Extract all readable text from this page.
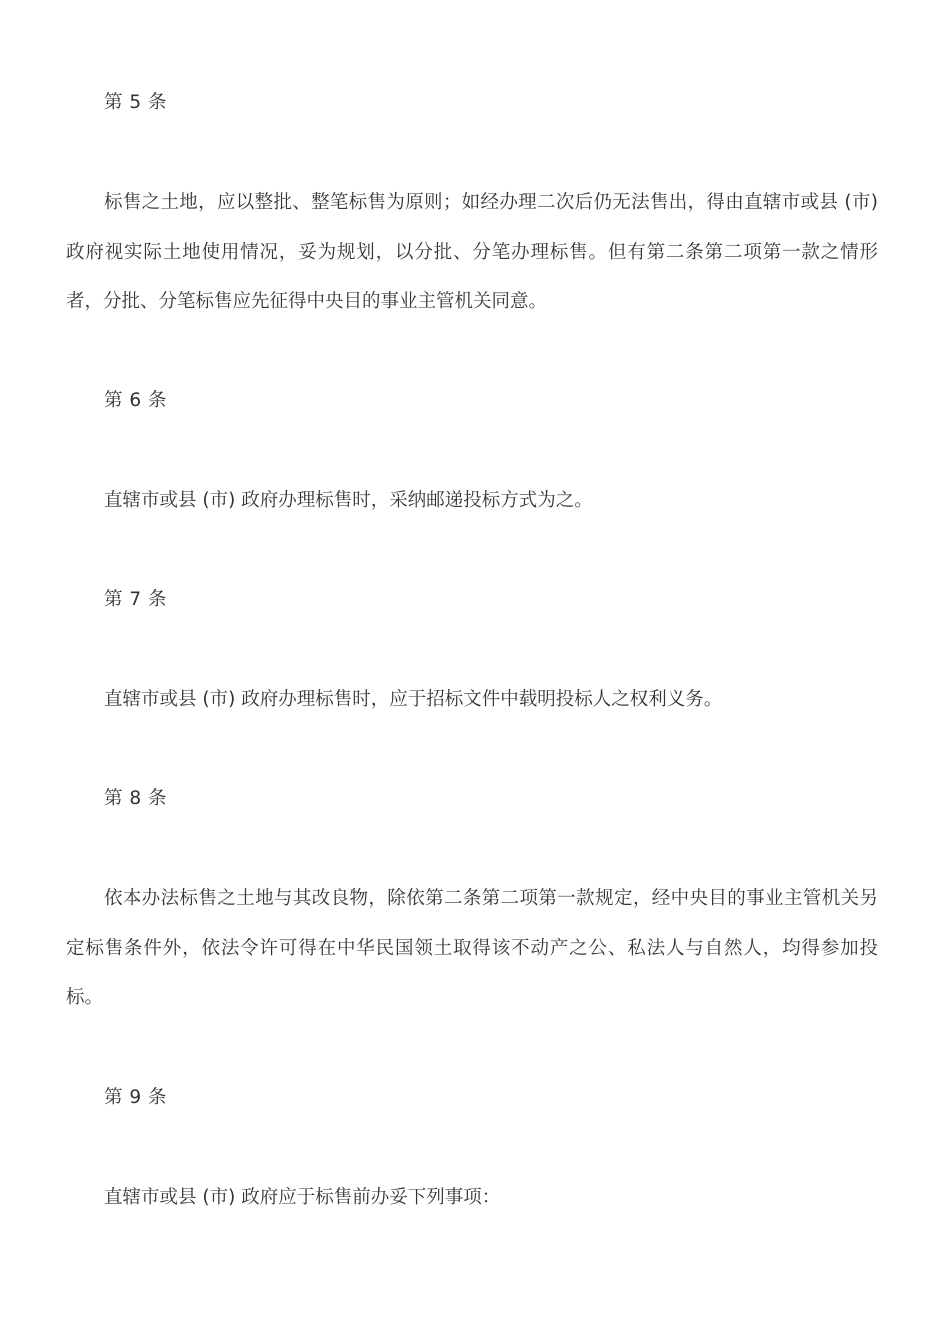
第 5 条

标售之土地，应以整批、整笔标售为原则；如经办理二次后仍无法售出，得由直辖市或县 (市) 政府视实际土地使用情况，妥为规划，以分批、分笔办理标售。但有第二条第二项第一款之情形者，分批、分笔标售应先征得中央目的事业主管机关同意。

第 6 条

直辖市或县 (市) 政府办理标售时，采纳邮递投标方式为之。

第 7 条

直辖市或县 (市) 政府办理标售时，应于招标文件中载明投标人之权利义务。

第 8 条

依本办法标售之土地与其改良物，除依第二条第二项第一款规定，经中央目的事业主管机关另定标售条件外，依法令许可得在中华民国领土取得该不动产之公、私法人与自然人，均得参加投标。

第 9 条

直辖市或县 (市) 政府应于标售前办妥下列事项：
